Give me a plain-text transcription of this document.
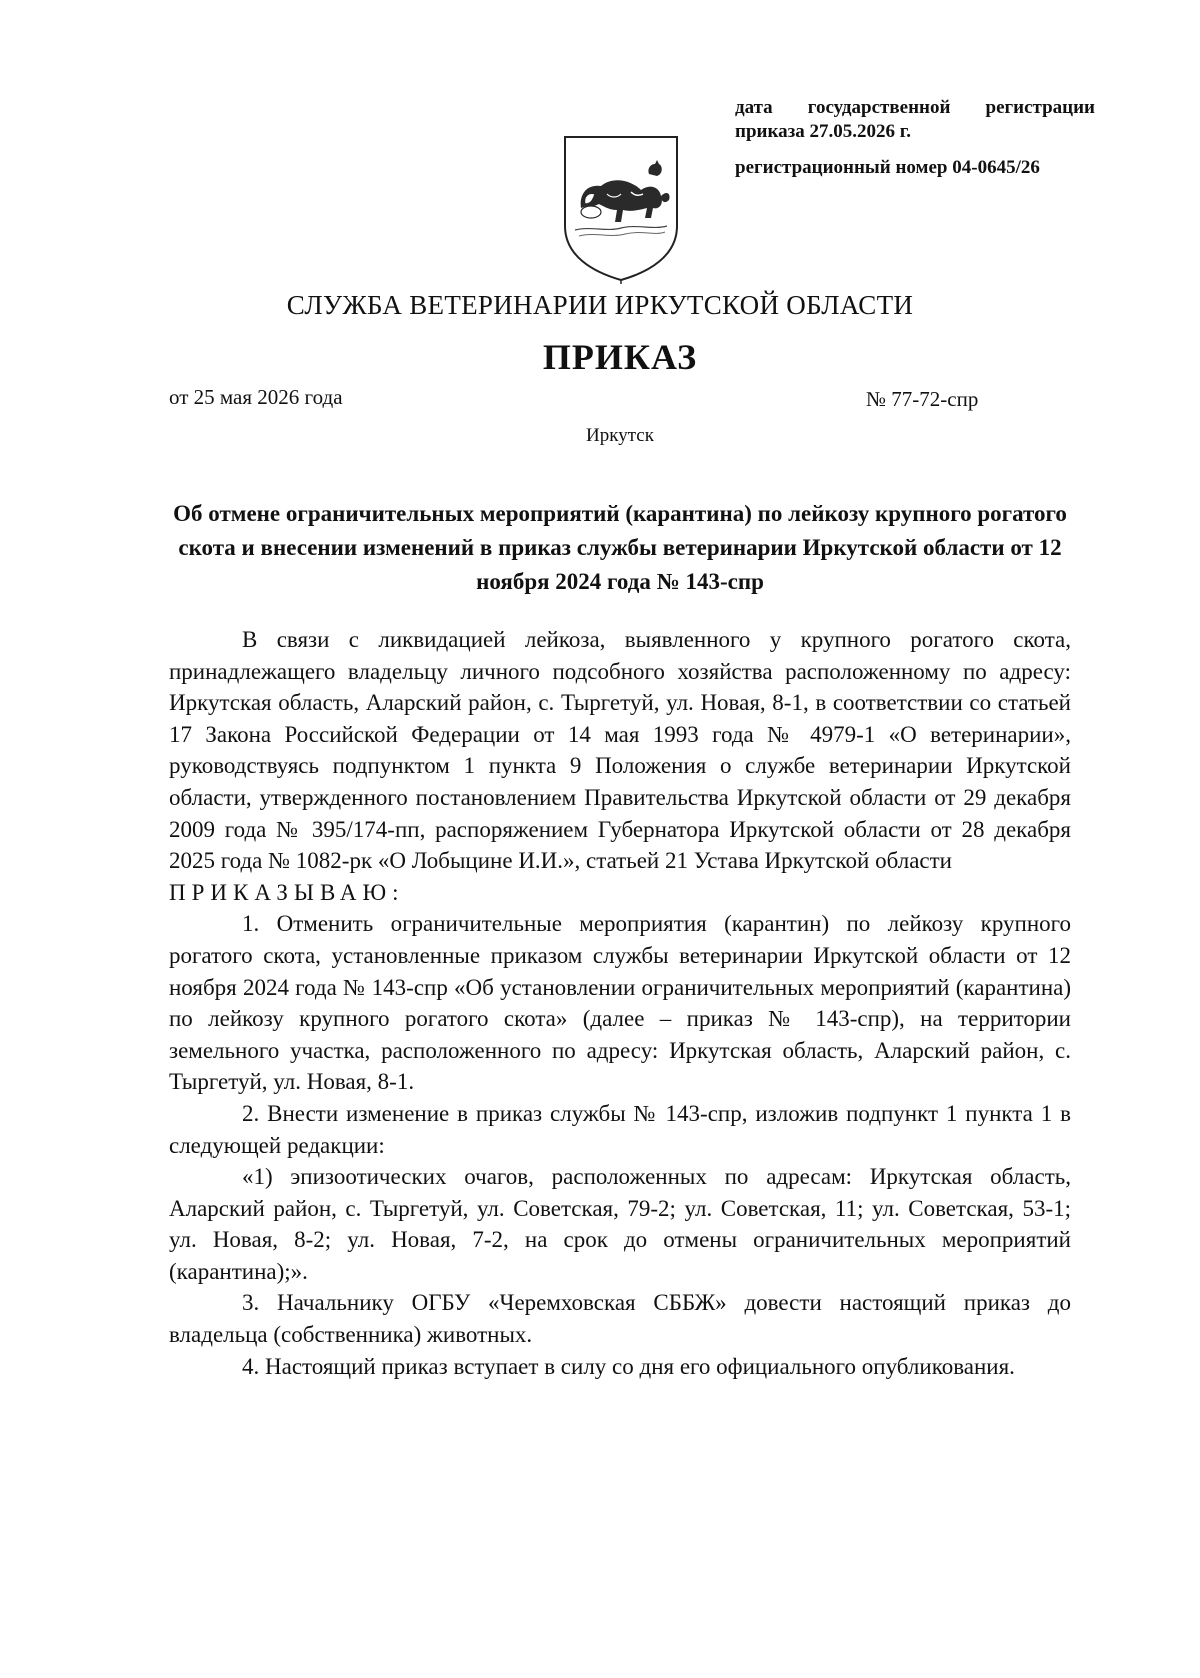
дата государственной регистрации
приказа 27.05.2026 г.
регистрационный номер 04-0645/26
СЛУЖБА ВЕТЕРИНАРИИ ИРКУТСКОЙ ОБЛАСТИ
ПРИКАЗ
от 25 мая 2026 года	№ 77-72-спр
Иркутск
Об отмене ограничительных мероприятий (карантина) по лейкозу крупного рогатого скота и внесении изменений в приказ службы ветеринарии Иркутской области от 12 ноября 2024 года № 143-спр

В связи с ликвидацией лейкоза, выявленного у крупного рогатого скота, принадлежащего владельцу личного подсобного хозяйства расположенному по адресу: Иркутская область, Аларский район, с. Тыргетуй, ул. Новая, 8-1, в соответствии со статьей 17 Закона Российской Федерации от 14 мая 1993 года № 4979-1 «О ветеринарии», руководствуясь подпунктом 1 пункта 9 Положения о службе ветеринарии Иркутской области, утвержденного постановлением Правительства Иркутской области от 29 декабря 2009 года № 395/174-пп, распоряжением Губернатора Иркутской области от 28 декабря 2025 года № 1082-рк «О Лобыцине И.И.», статьей 21 Устава Иркутской области

ПРИКАЗЫВАЮ:

1. Отменить ограничительные мероприятия (карантин) по лейкозу крупного рогатого скота, установленные приказом службы ветеринарии Иркутской области от 12 ноября 2024 года № 143-спр «Об установлении ограничительных мероприятий (карантина) по лейкозу крупного рогатого скота» (далее – приказ № 143-спр), на территории земельного участка, расположенного по адресу: Иркутская область, Аларский район, с. Тыргетуй, ул. Новая, 8-1.

2. Внести изменение в приказ службы № 143-спр, изложив подпункт 1 пункта 1 в следующей редакции:

«1) эпизоотических очагов, расположенных по адресам: Иркутская область, Аларский район, с. Тыргетуй, ул. Советская, 79-2; ул. Советская, 11; ул. Советская, 53-1; ул. Новая, 8-2; ул. Новая, 7-2, на срок до отмены ограничительных мероприятий (карантина);».

3. Начальнику ОГБУ «Черемховская СББЖ» довести настоящий приказ до владельца (собственника) животных.

4. Настоящий приказ вступает в силу со дня его официального опубликования.
